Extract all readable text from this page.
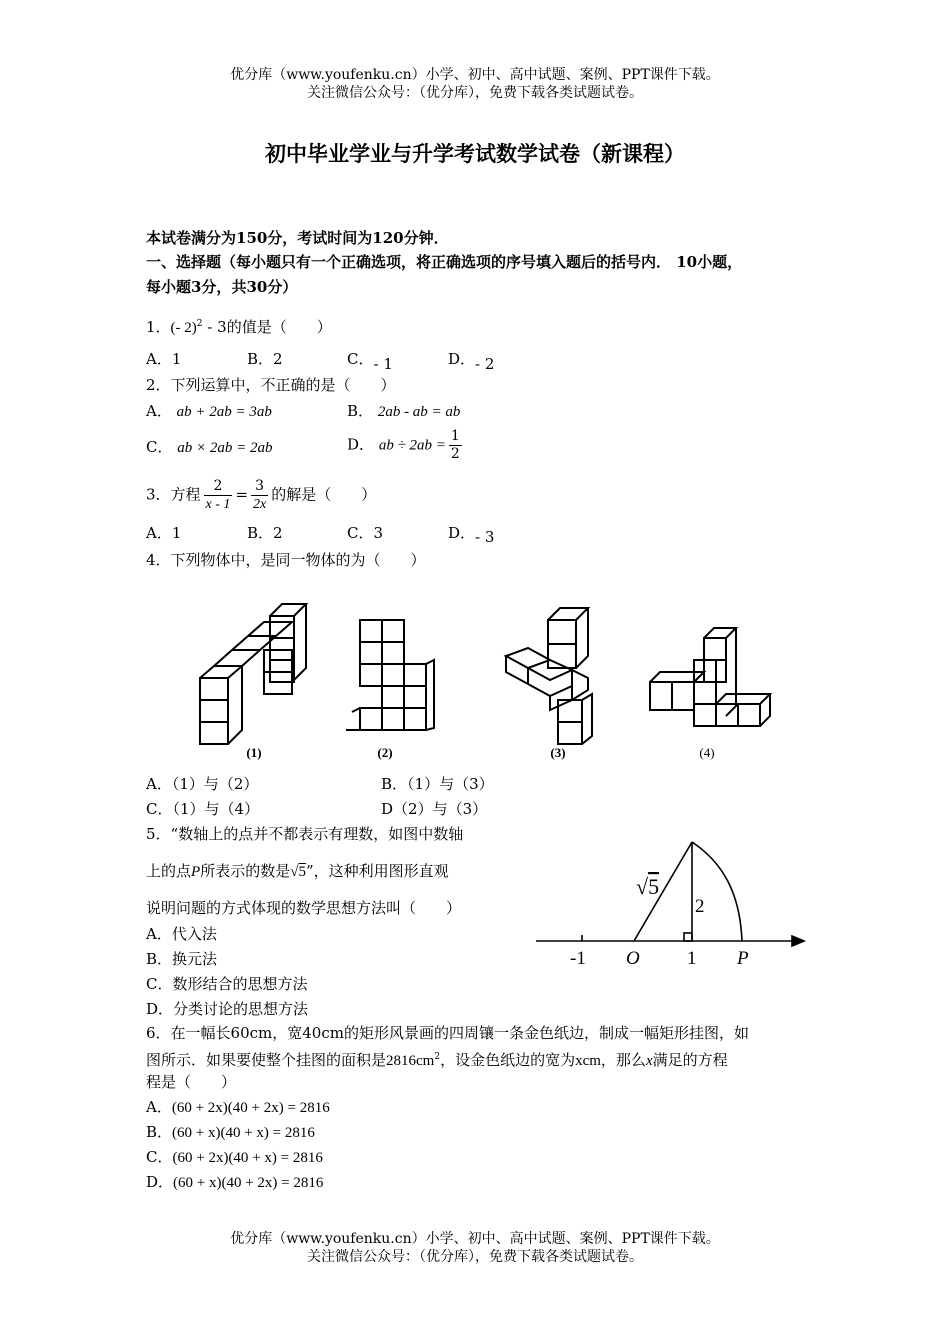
优分库（www.youfenku.cn）小学、初中、高中试题、案例、PPT课件下载。
关注微信公众号：（优分库），免费下载各类试题试卷。
初中毕业学业与升学考试数学试卷（新课程）
本试卷满分为150分，考试时间为120分钟．
一、选择题（每小题只有一个正确选项，将正确选项的序号填入题后的括号内． 10小题，
每小题3分，共30分）
1．(- 2)$^2$ - 3的值是（　　）
A．1	B．2	C．- 1	D．- 2
2．下列运算中，不正确的是（　　）
A． ab + 2ab = 3ab	B． 2ab - ab = ab
C． ab × 2ab = 2ab	D． ab ÷ $2ab = \frac{1}{2}$
3．方程 $\frac{2}{x - 1} = \frac{3}{2x}$ 的解是（　　）
A．1	B．2	C．3	D．- 3
4．下列物体中，是同一物体的为（　　）
(1)	(2)	(3)	(4)
A．（1）与（2）	B．（1）与（3）
C．（1）与（4）	D（2）与（3）
5．“数轴上的点并不都表示有理数，如图中数轴
上的点P所表示的数是√5”，这种利用图形直观
说明问题的方式体现的数学思想方法叫（　　）
A．代入法
B．换元法
C．数形结合的思想方法
D．分类讨论的思想方法
√5
2
-1 O 1 P
6．在一幅长60cm，宽40cm的矩形风景画的四周镶一条金色纸边，制成一幅矩形挂图，如
图所示．如果要使整个挂图的面积是$2816cm^2$，设金色纸边的宽为xcm，那么x满足的方程
程是（　　）
A．(60 + 2x)(40 + 2x) = 2816
B．(60 + x)(40 + x) = 2816
C．(60 + 2x)(40 + x) = 2816
D．(60 + x)(40 + 2x) = 2816
优分库（www.youfenku.cn）小学、初中、高中试题、案例、PPT课件下载。
关注微信公众号：（优分库），免费下载各类试题试卷。
